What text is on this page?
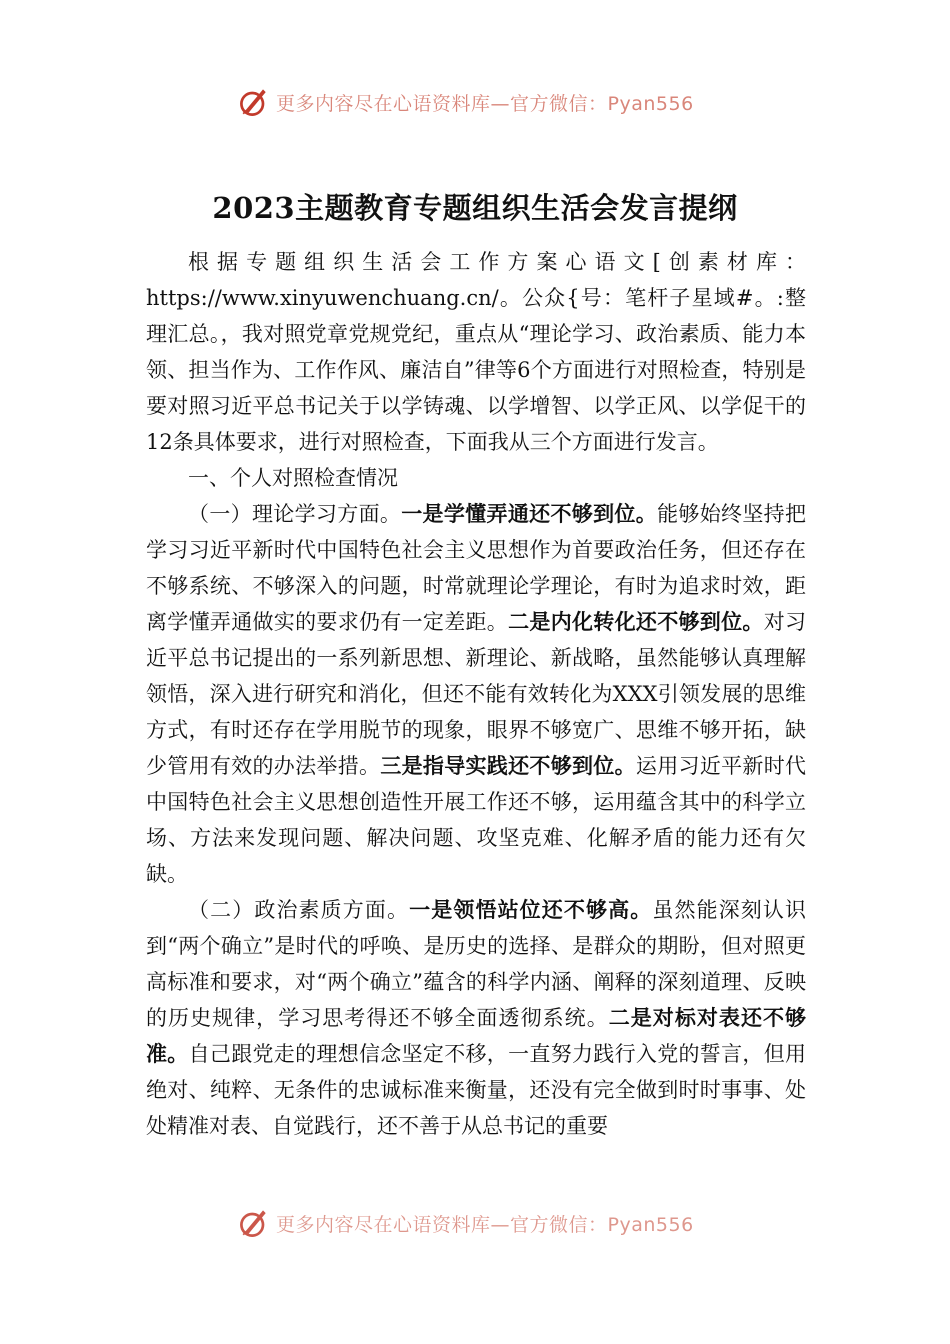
更多内容尽在心语资料库—官方微信：Pyan556
2023主题教育专题组织生活会发言提纲

根据专题组织生活会工作方案心语文[创素材库：https://www.xinyuwenchuang.cn/。公众{号：笔杆子星域#。:整理汇总。，我对照党章党规党纪，重点从“理论学习、政治素质、能力本领、担当作为、工作作风、廉洁自”律等6个方面进行对照检查，特别是要对照习近平总书记关于以学铸魂、以学增智、以学正风、以学促干的12条具体要求，进行对照检查，下面我从三个方面进行发言。

一、个人对照检查情况

（一）理论学习方面。一是学懂弄通还不够到位。能够始终坚持把学习习近平新时代中国特色社会主义思想作为首要政治任务，但还存在不够系统、不够深入的问题，时常就理论学理论，有时为追求时效，距离学懂弄通做实的要求仍有一定差距。二是内化转化还不够到位。对习近平总书记提出的一系列新思想、新理论、新战略，虽然能够认真理解领悟，深入进行研究和消化，但还不能有效转化为XXX引领发展的思维方式，有时还存在学用脱节的现象，眼界不够宽广、思维不够开拓，缺少管用有效的办法举措。三是指导实践还不够到位。运用习近平新时代中国特色社会主义思想创造性开展工作还不够，运用蕴含其中的科学立场、方法来发现问题、解决问题、攻坚克难、化解矛盾的能力还有欠缺。

（二）政治素质方面。一是领悟站位还不够高。虽然能深刻认识到“两个确立”是时代的呼唤、是历史的选择、是群众的期盼，但对照更高标准和要求，对“两个确立”蕴含的科学内涵、阐释的深刻道理、反映的历史规律，学习思考得还不够全面透彻系统。二是对标对表还不够准。自己跟党走的理想信念坚定不移，一直努力践行入党的誓言，但用绝对、纯粹、无条件的忠诚标准来衡量，还没有完全做到时时事事、处处精准对表、自觉践行，还不善于从总书记的重要

更多内容尽在心语资料库—官方微信：Pyan556
